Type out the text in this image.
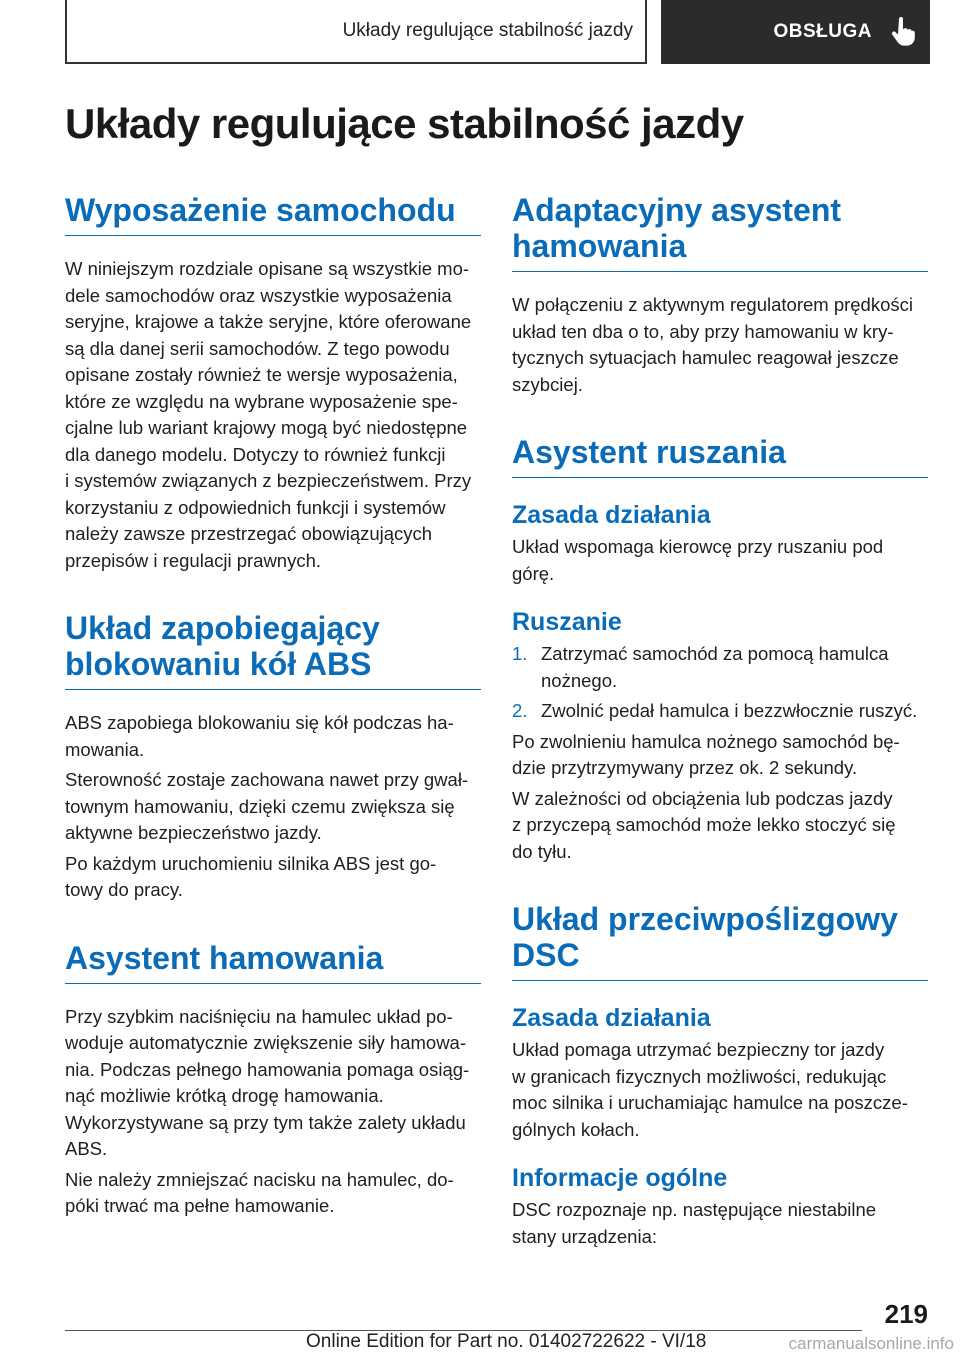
Układy regulujące stabilność jazdy	OBSŁUGA
Układy regulujące stabilność jazdy
Wyposażenie samochodu

W niniejszym rozdziale opisane są wszystkie mo‐
dele samochodów oraz wszystkie wyposażenia
seryjne, krajowe a także seryjne, które oferowane
są dla danej serii samochodów. Z tego powodu
opisane zostały również te wersje wyposażenia,
które ze względu na wybrane wyposażenie spe‐
cjalne lub wariant krajowy mogą być niedostępne
dla danego modelu. Dotyczy to również funkcji
i systemów związanych z bezpieczeństwem. Przy
korzystaniu z odpowiednich funkcji i systemów
należy zawsze przestrzegać obowiązujących
przepisów i regulacji prawnych.

Układ zapobiegający
blokowaniu kół ABS

ABS zapobiega blokowaniu się kół podczas ha‐
mowania.

Sterowność zostaje zachowana nawet przy gwał‐
townym hamowaniu, dzięki czemu zwiększa się
aktywne bezpieczeństwo jazdy.

Po każdym uruchomieniu silnika ABS jest go‐
towy do pracy.

Asystent hamowania

Przy szybkim naciśnięciu na hamulec układ po‐
woduje automatycznie zwiększenie siły hamowa‐
nia. Podczas pełnego hamowania pomaga osiąg‐
nąć możliwie krótką drogę hamowania.
Wykorzystywane są przy tym także zalety układu
ABS.

Nie należy zmniejszać nacisku na hamulec, do‐
póki trwać ma pełne hamowanie.

Adaptacyjny asystent
hamowania

W połączeniu z aktywnym regulatorem prędkości
układ ten dba o to, aby przy hamowaniu w kry‐
tycznych sytuacjach hamulec reagował jeszcze
szybciej.

Asystent ruszania
Zasada działania

Układ wspomaga kierowcę przy ruszaniu pod
górę.

Ruszanie
1. Zatrzymać samochód za pomocą hamulca
nożnego.
2. Zwolnić pedał hamulca i bezzwłocznie ruszyć.

Po zwolnieniu hamulca nożnego samochód bę‐
dzie przytrzymywany przez ok. 2 sekundy.

W zależności od obciążenia lub podczas jazdy
z przyczepą samochód może lekko stoczyć się
do tyłu.

Układ przeciwpoślizgowy
DSC
Zasada działania

Układ pomaga utrzymać bezpieczny tor jazdy
w granicach fizycznych możliwości, redukując
moc silnika i uruchamiając hamulce na poszcze‐
gólnych kołach.

Informacje ogólne

DSC rozpoznaje np. następujące niestabilne
stany urządzenia:

219
Online Edition for Part no. 01402722622 - VI/18	carmanualsonline.info
